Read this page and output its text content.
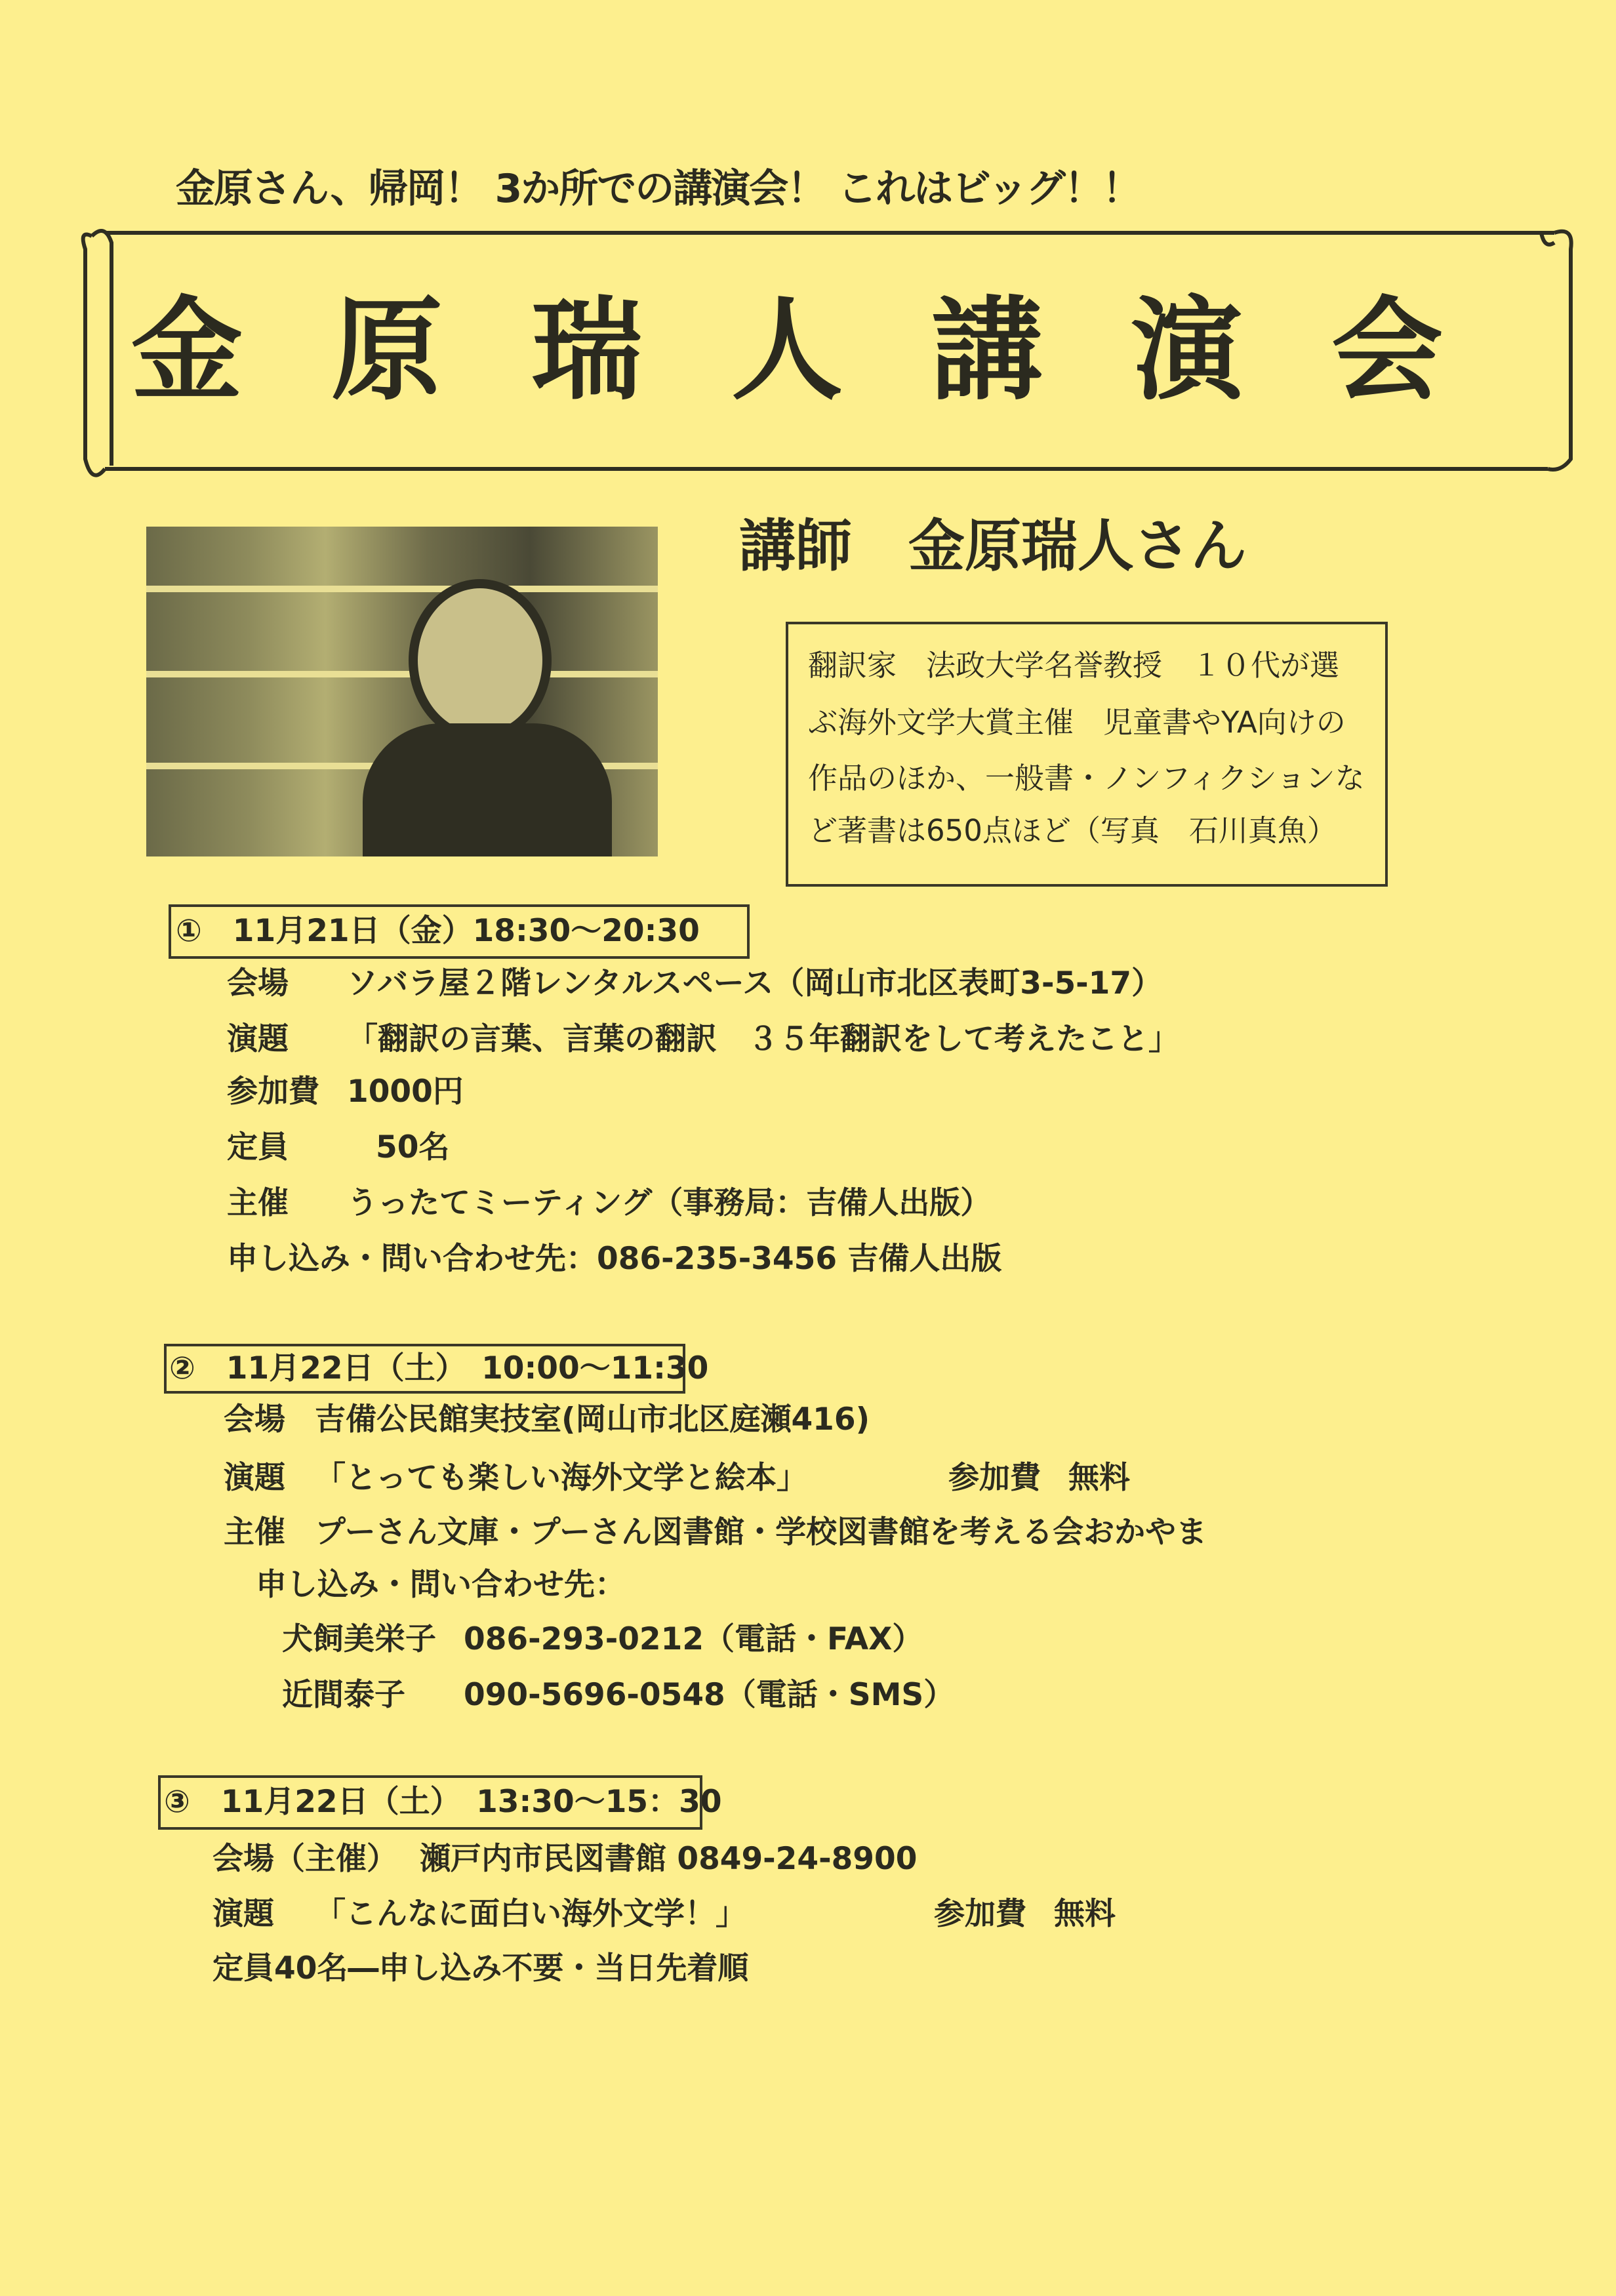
金原さん、帰岡！ 3か所での講演会！ これはビッグ！！
金原瑞人講演会
講師　金原瑞人さん
翻訳家　法政大学名誉教授　１０代が選
ぶ海外文学大賞主催　児童書やYA向けの
作品のほか、一般書・ノンフィクションな
ど著書は650点ほど（写真　石川真魚）
①　11月21日（金）18:30～20:30
会場 ソバラ屋２階レンタルスペース（岡山市北区表町3-5-17）
演題 「翻訳の言葉、言葉の翻訳　３５年翻訳をして考えたこと」
参加費 1000円
定員	50名
主催 うったてミーティング（事務局：吉備人出版）
申し込み・問い合わせ先：086-235-3456 吉備人出版
②　11月22日（土）　10:00～11:30
会場 吉備公民館実技室(岡山市北区庭瀬416)
演題 「とっても楽しい海外文学と絵本」	参加費 無料
主催 プーさん文庫・プーさん図書館・学校図書館を考える会おかやま
申し込み・問い合わせ先：
犬飼美栄子 086-293-0212（電話・FAX）
近間泰子 090-5696-0548（電話・SMS）
③　11月22日（土）　13:30～15：30
会場（主催） 瀬戸内市民図書館 0849-24-8900
演題 「こんなに面白い海外文学！」	参加費 無料
定員40名―申し込み不要・当日先着順
